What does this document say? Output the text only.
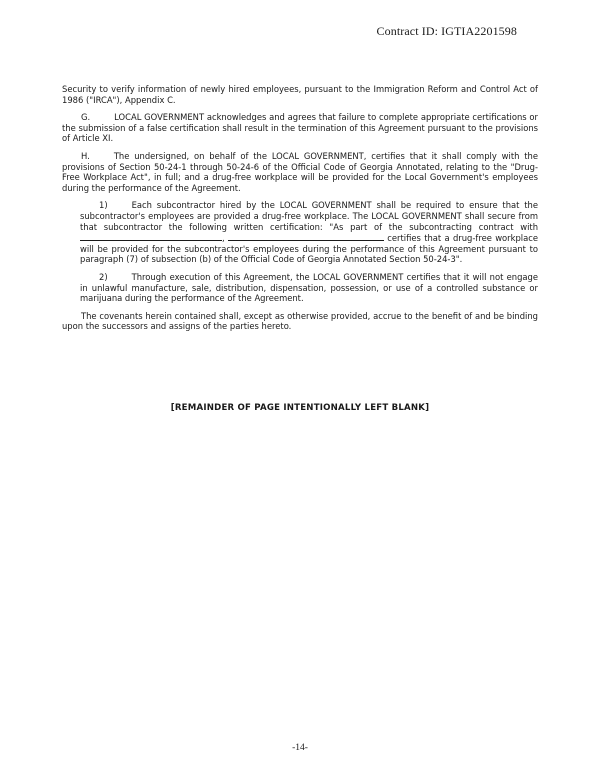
Contract ID: IGTIA2201598

Security to verify information of newly hired employees, pursuant to the Immigration Reform and Control Act of 1986 ("IRCA"), Appendix C.

G.	LOCAL GOVERNMENT acknowledges and agrees that failure to complete appropriate certifications or the submission of a false certification shall result in the termination of this Agreement pursuant to the provisions of Article XI.

H.	The undersigned, on behalf of the LOCAL GOVERNMENT, certifies that it shall comply with the provisions of Section 50-24-1 through 50-24-6 of the Official Code of Georgia Annotated, relating to the "Drug-Free Workplace Act", in full; and a drug-free workplace will be provided for the Local Government's employees during the performance of the Agreement.

1)	Each subcontractor hired by the LOCAL GOVERNMENT shall be required to ensure that the subcontractor's employees are provided a drug-free workplace. The LOCAL GOVERNMENT shall secure from that subcontractor the following written certification: "As part of the subcontracting contract with ,	certifies that a drug-free workplace will be provided for the subcontractor's employees during the performance of this Agreement pursuant to paragraph (7) of subsection (b) of the Official Code of Georgia Annotated Section 50-24-3".

2)	Through execution of this Agreement, the LOCAL GOVERNMENT certifies that it will not engage in unlawful manufacture, sale, distribution, dispensation, possession, or use of a controlled substance or marijuana during the performance of the Agreement.

The covenants herein contained shall, except as otherwise provided, accrue to the benefit of and be binding upon the successors and assigns of the parties hereto.

[REMAINDER OF PAGE INTENTIONALLY LEFT BLANK]
-14-
